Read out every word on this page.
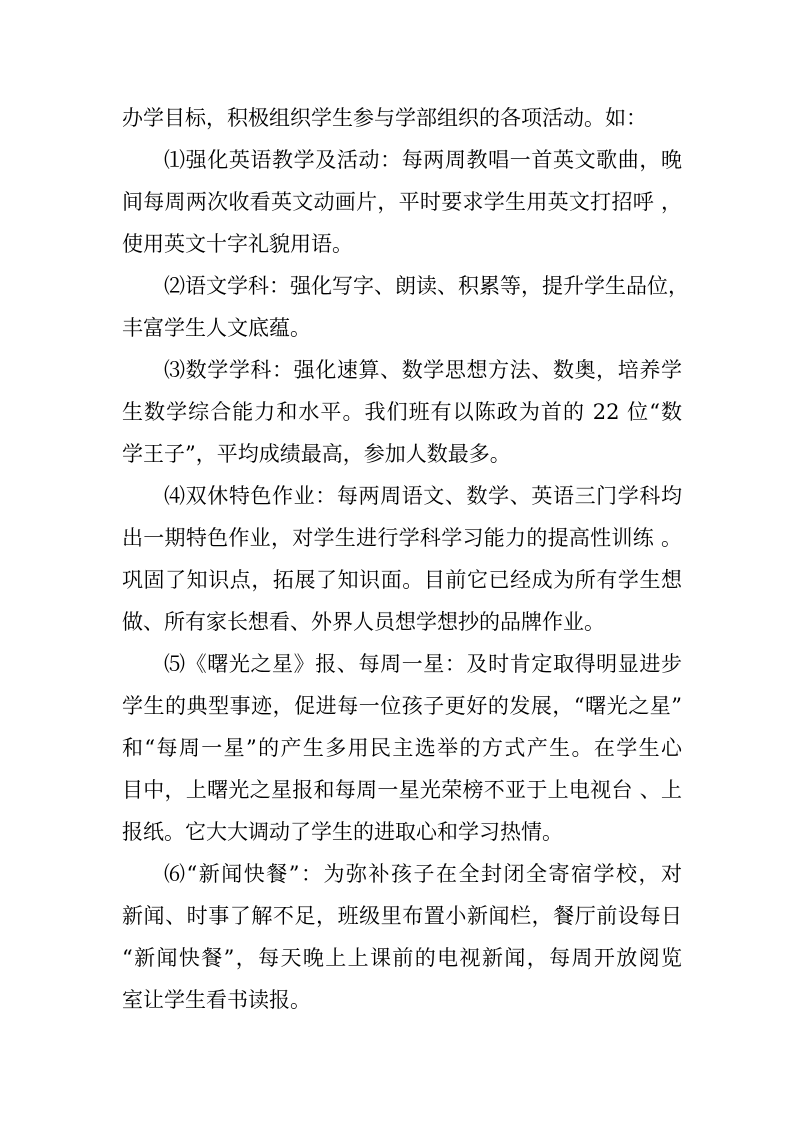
办学目标，积极组织学生参与学部组织的各项活动。如：
⑴强化英语教学及活动：每两周教唱一首英文歌曲，晚
间每周两次收看英文动画片，平时要求学生用英文打招呼 ，
使用英文十字礼貌用语。
⑵语文学科：强化写字、朗读、积累等，提升学生品位，
丰富学生人文底蕴。
⑶数学学科：强化速算、数学思想方法、数奥，培养学
生数学综合能力和水平。我们班有以陈政为首的 22 位“数
学王子”，平均成绩最高，参加人数最多。
⑷双休特色作业：每两周语文、数学、英语三门学科均
出一期特色作业，对学生进行学科学习能力的提高性训练 。
巩固了知识点，拓展了知识面。目前它已经成为所有学生想
做、所有家长想看、外界人员想学想抄的品牌作业。
⑸《曙光之星》报、每周一星：及时肯定取得明显进步
学生的典型事迹，促进每一位孩子更好的发展，“曙光之星”
和“每周一星”的产生多用民主选举的方式产生。在学生心
目中，上曙光之星报和每周一星光荣榜不亚于上电视台 、上
报纸。它大大调动了学生的进取心和学习热情。
⑹“新闻快餐”：为弥补孩子在全封闭全寄宿学校，对
新闻、时事了解不足，班级里布置小新闻栏，餐厅前设每日
“新闻快餐”，每天晚上上课前的电视新闻，每周开放阅览
室让学生看书读报。
